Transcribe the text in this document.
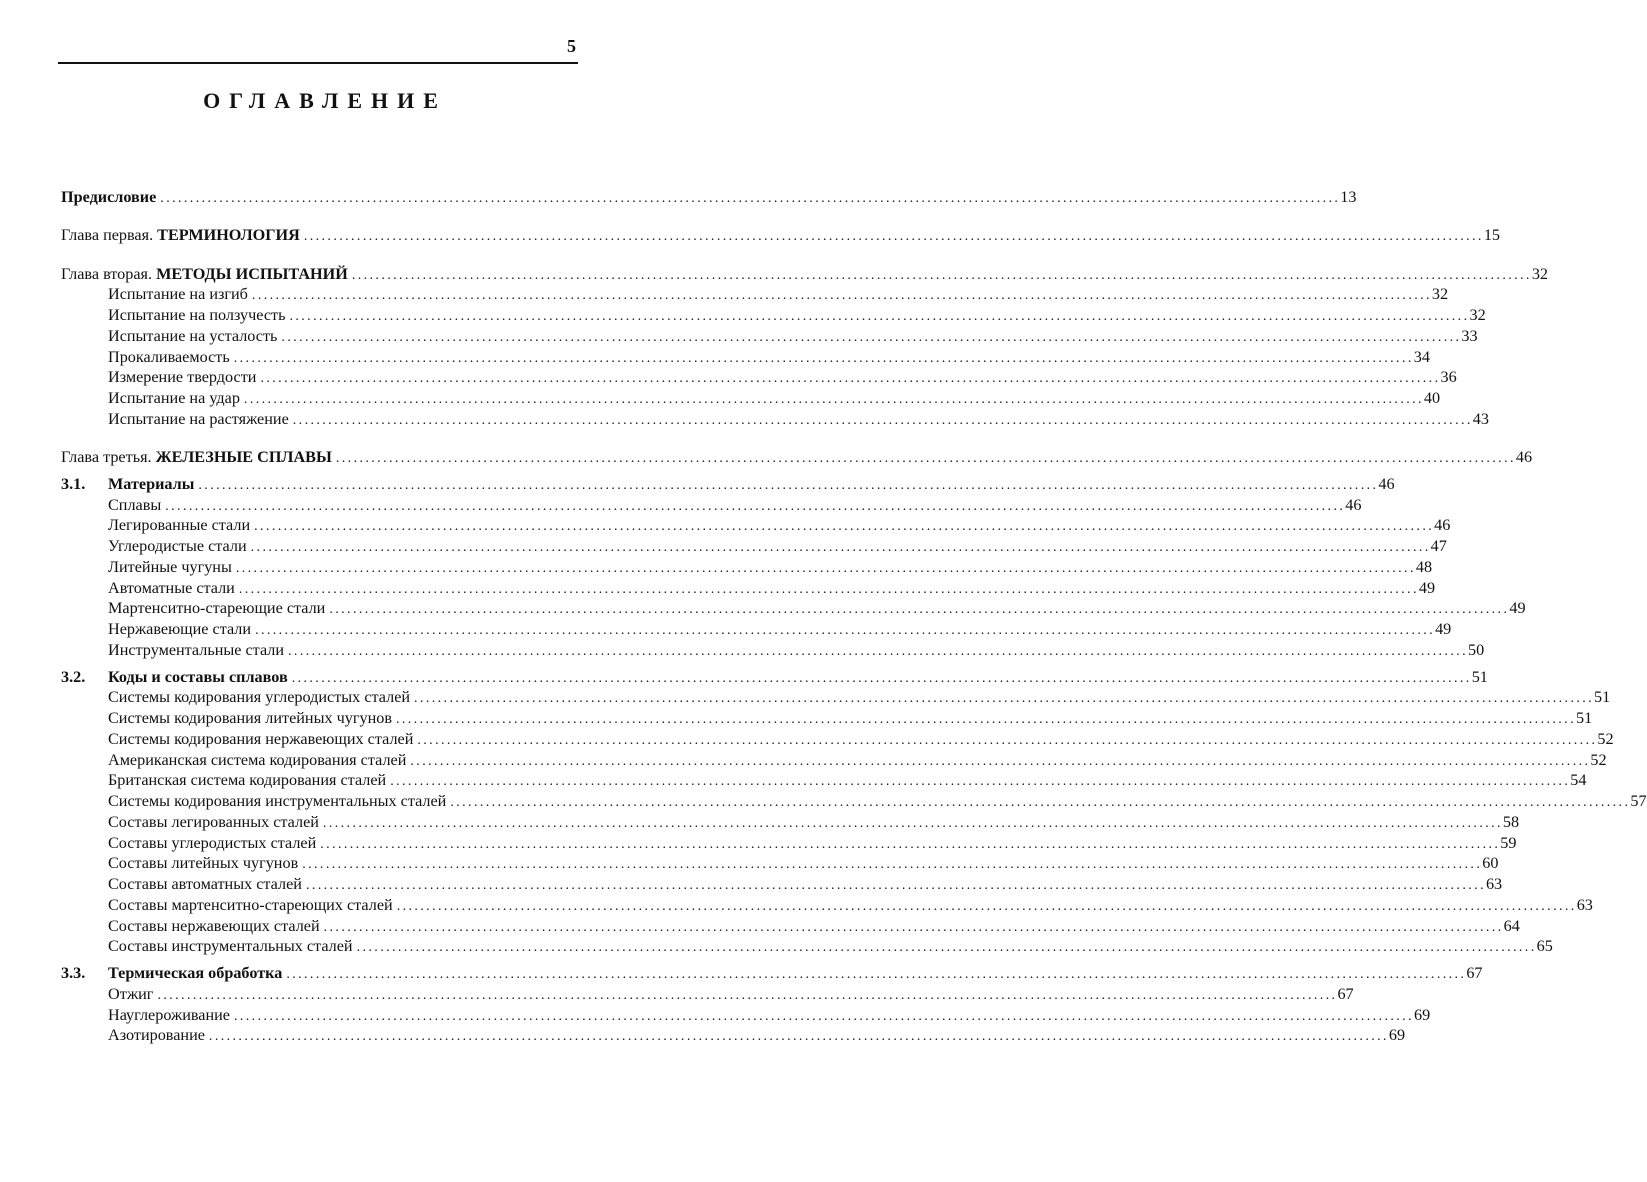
5
ОГЛАВЛЕНИЕ
Предисловие ........................................................................................................................................................................................................ 13
Глава первая. ТЕРМИНОЛОГИЯ ........................................................................................................................................................................................................ 15
Глава вторая. МЕТОДЫ ИСПЫТАНИЙ ........................................................................................................................................................................................................ 32
Испытание на изгиб ........................................................................................................................................................................................................ 32
Испытание на ползучесть ........................................................................................................................................................................................................ 32
Испытание на усталость ........................................................................................................................................................................................................ 33
Прокаливаемость ........................................................................................................................................................................................................ 34
Измерение твердости ........................................................................................................................................................................................................ 36
Испытание на удар ........................................................................................................................................................................................................ 40
Испытание на растяжение ........................................................................................................................................................................................................ 43
Глава третья. ЖЕЛЕЗНЫЕ СПЛАВЫ ........................................................................................................................................................................................................ 46
3.1.	Материалы ........................................................................................................................................................................................................ 46
Сплавы ........................................................................................................................................................................................................ 46
Легированные стали ........................................................................................................................................................................................................ 46
Углеродистые стали ........................................................................................................................................................................................................ 47
Литейные чугуны ........................................................................................................................................................................................................ 48
Автоматные стали ........................................................................................................................................................................................................ 49
Мартенситно-стареющие стали ........................................................................................................................................................................................................ 49
Нержавеющие стали ........................................................................................................................................................................................................ 49
Инструментальные стали ........................................................................................................................................................................................................ 50
3.2.	Коды и составы сплавов ........................................................................................................................................................................................................ 51
Системы кодирования углеродистых сталей ........................................................................................................................................................................................................ 51
Системы кодирования литейных чугунов ........................................................................................................................................................................................................ 51
Системы кодирования нержавеющих сталей ........................................................................................................................................................................................................ 52
Американская система кодирования сталей ........................................................................................................................................................................................................ 52
Британская система кодирования сталей ........................................................................................................................................................................................................ 54
Системы кодирования инструментальных сталей ........................................................................................................................................................................................................ 57
Составы легированных сталей ........................................................................................................................................................................................................ 58
Составы углеродистых сталей ........................................................................................................................................................................................................ 59
Составы литейных чугунов ........................................................................................................................................................................................................ 60
Составы автоматных сталей ........................................................................................................................................................................................................ 63
Составы мартенситно-стареющих сталей ........................................................................................................................................................................................................ 63
Составы нержавеющих сталей ........................................................................................................................................................................................................ 64
Составы инструментальных сталей ........................................................................................................................................................................................................ 65
3.3.	Термическая обработка ........................................................................................................................................................................................................ 67
Отжиг ........................................................................................................................................................................................................ 67
Науглероживание ........................................................................................................................................................................................................ 69
Азотирование ........................................................................................................................................................................................................ 69
